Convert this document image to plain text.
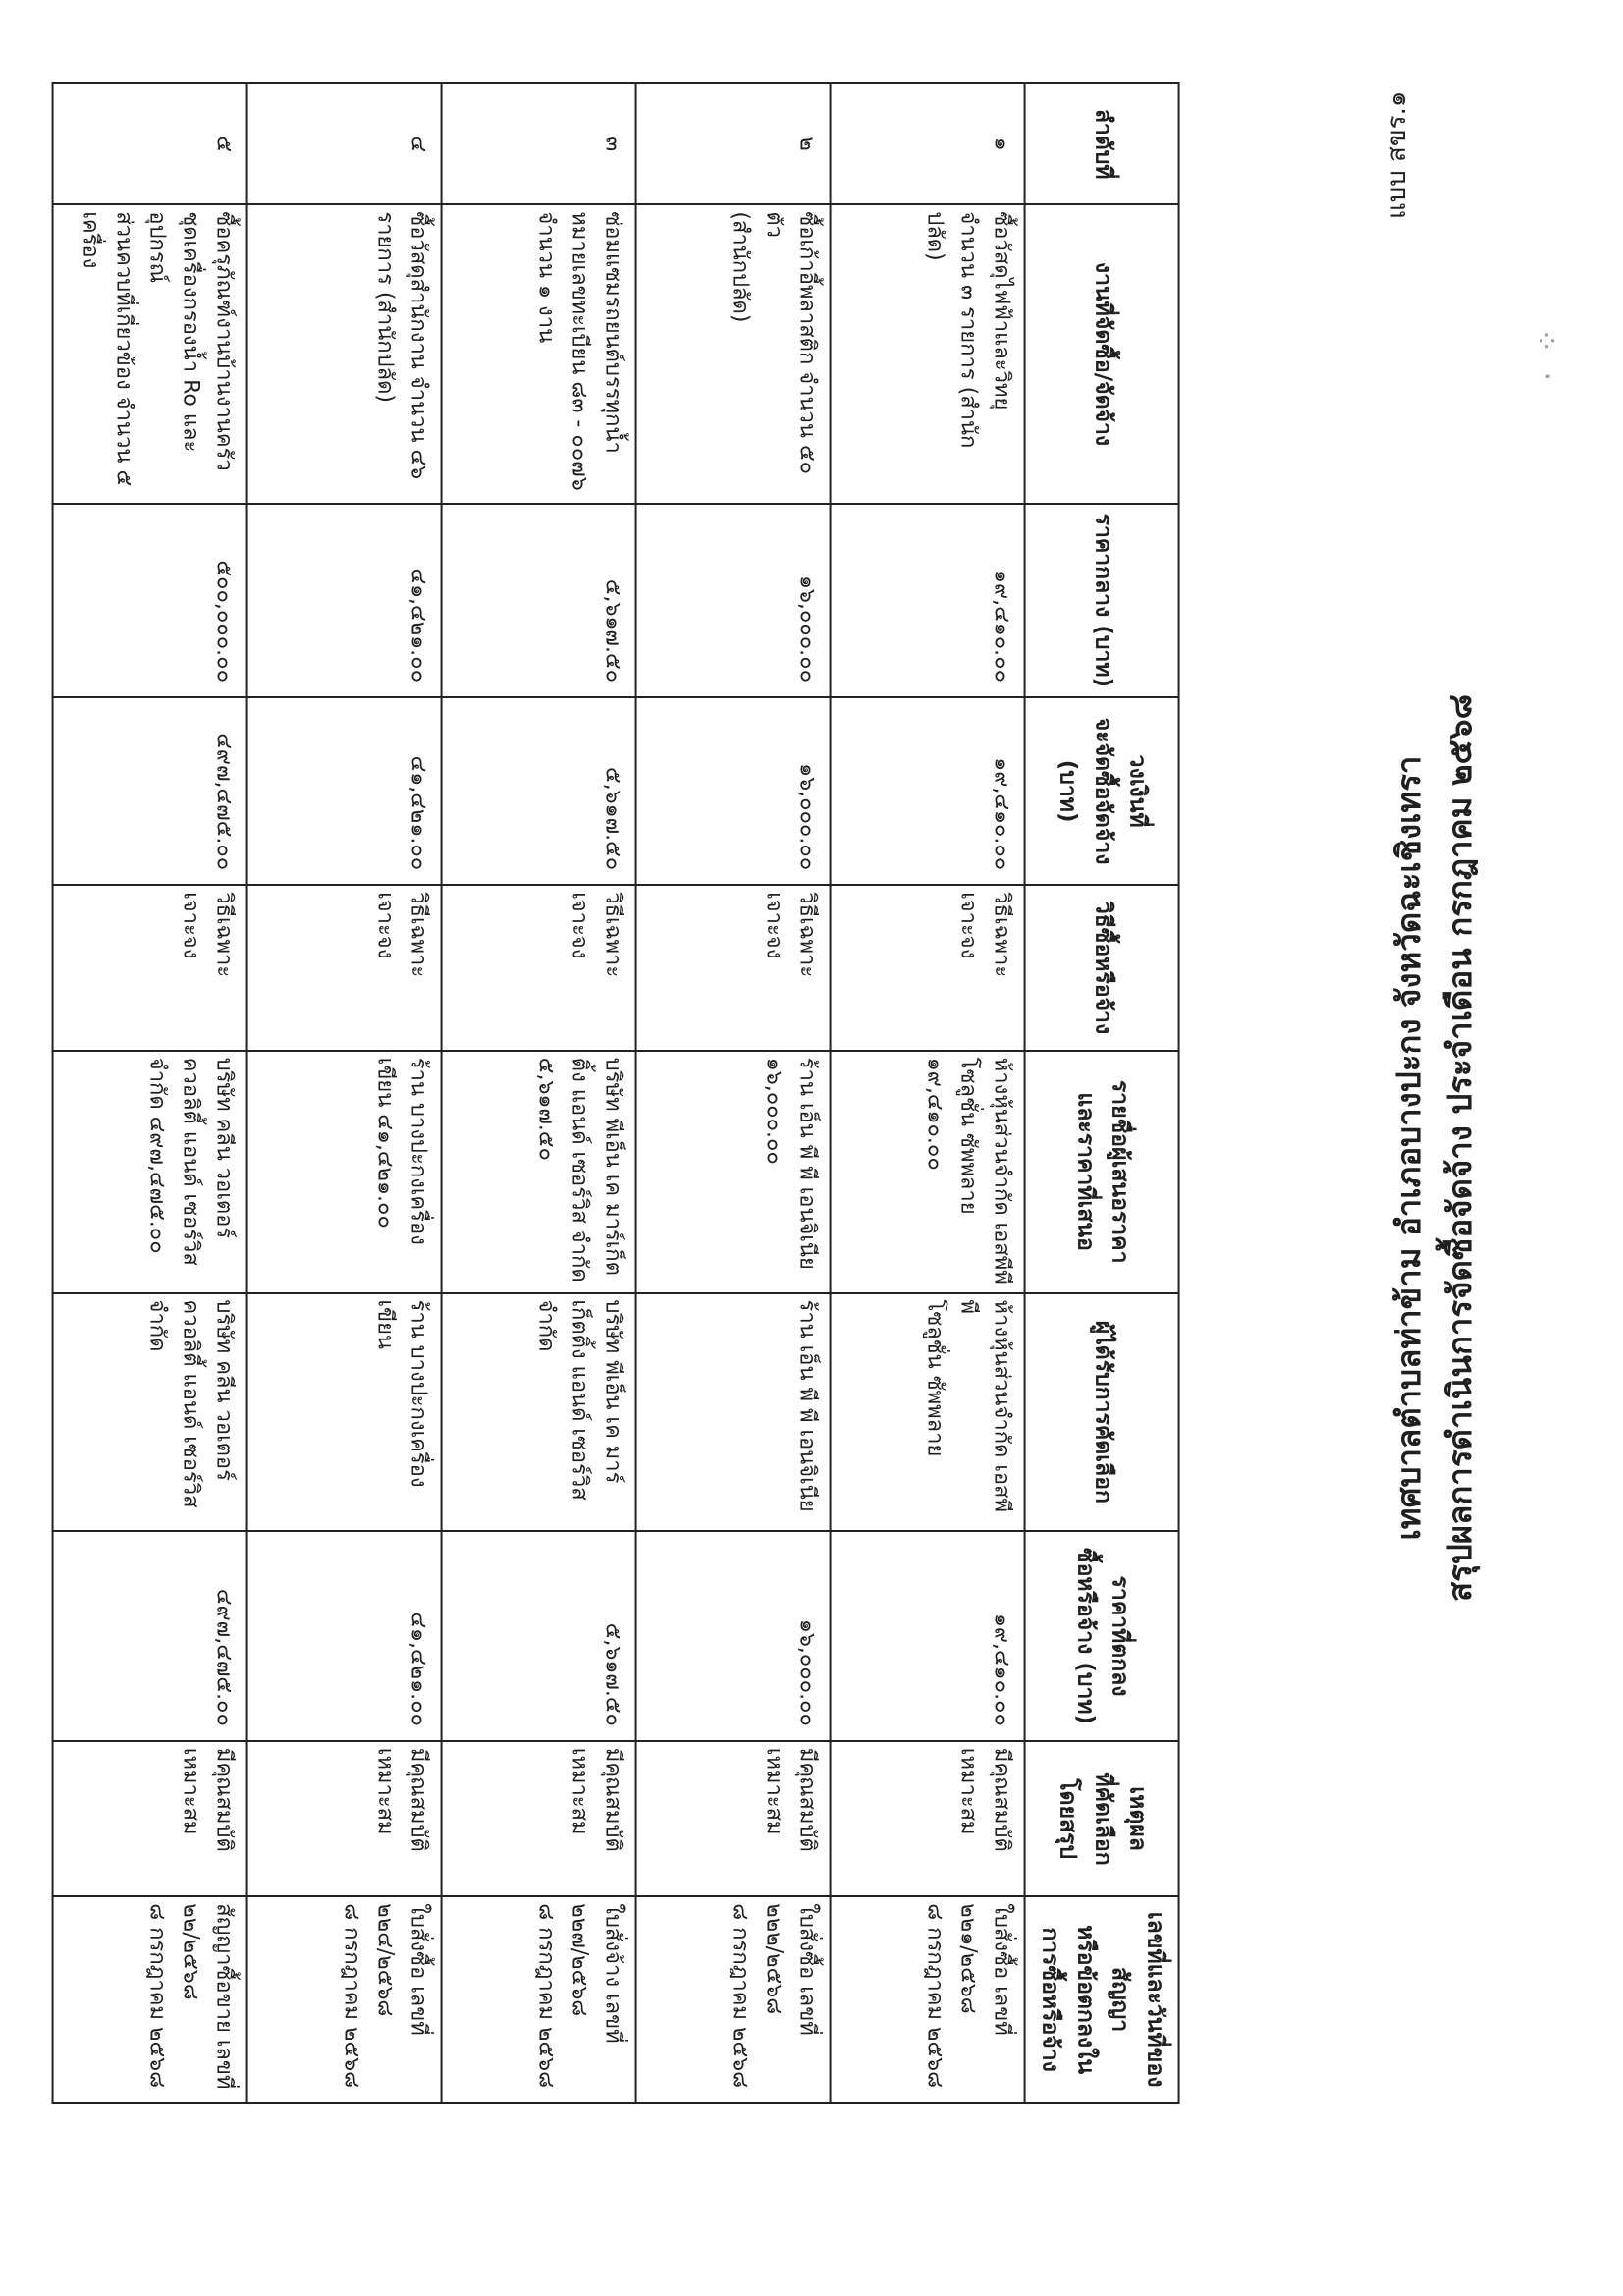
แบบ สขร.๑
สรุปผลการดำเนินการจัดซื้อจัดจ้าง ประจำเดือน กรกฎาคม ๒๕๖๘
เทศบาลตำบลท่าข้าม อำเภอบางปะกง จังหวัดฉะเชิงเทรา
ลำดับที่	งานที่จัดซื้อ/จัดจ้าง	ราคากลาง (บาท)	วงเงินที่
จะจัดซื้อจัดจ้าง
(บาท)	วิธีซื้อหรือจ้าง	รายชื่อผู้เสนอราคา
และราคาที่เสนอ	ผู้ได้รับการคัดเลือก	ราคาที่ตกลง
ซื้อหรือจ้าง (บาท)	เหตุผล
ที่คัดเลือก
โดยสรุป	เลขที่และวันที่ของ
สัญญา
หรือข้อตกลงใน
การซื้อหรือจ้าง

๑	ซื้อวัสดุไฟฟ้าและวิทยุ
จำนวน ๓ รายการ (สำนักปลัด)	๑๙,๔๑๐.๐๐	๑๙,๔๑๐.๐๐	วิธีเฉพาะเจาะจง	ห้างหุ้นส่วนจำกัด เอสพีพี
โซลูชั่น ซัพพลาย
๑๙,๔๑๐.๐๐	ห้างหุ้นส่วนจำกัด เอสพีพี
โซลูชั่น ซัพพลาย	๑๙,๔๑๐.๐๐	มีคุณสมบัติ
เหมาะสม	ใบสั่งซื้อ เลขที่
๒๒๑/๒๕๖๘
๘ กรกฎาคม ๒๕๖๘

๒	ซื้อเก้าอี้พลาสติก จำนวน ๕๐ ตัว
(สำนักปลัด)	๑๖,๐๐๐.๐๐	๑๖,๐๐๐.๐๐	วิธีเฉพาะเจาะจง	ร้าน เอ็น พี พี เอนจิเนีย
๑๖,๐๐๐.๐๐	ร้าน เอ็น พี พี เอนจิเนีย	๑๖,๐๐๐.๐๐	มีคุณสมบัติ
เหมาะสม	ใบสั่งซื้อ เลขที่
๒๒๒/๒๕๖๘
๘ กรกฎาคม ๒๕๖๘

๓	ซ่อมแซมรถยนต์บรรทุกน้ำ
หมายเลขทะเบียน ๘๓ - ๐๐๗๖
จำนวน ๑ งาน	๕,๖๑๗.๕๐	๕,๖๑๗.๕๐	วิธีเฉพาะเจาะจง	บริษัท พีเอ็น เค มาร์เก็ต
ติ้ง แอนด์ เซอร์วิส จำกัด
๕,๖๑๗.๕๐	บริษัท พีเอ็น เค มาร์
เก็ตติ้ง แอนด์ เซอร์วิส
จำกัด	๕,๖๑๗.๕๐	มีคุณสมบัติ
เหมาะสม	ใบสั่งจ้าง เลขที่
๒๒๗/๒๕๖๘
๘ กรกฎาคม ๒๕๖๘

๔	ซื้อวัสดุสำนักงาน จำนวน ๔๖
รายการ (สำนักปลัด)	๔๑,๔๒๑.๐๐	๔๑,๔๒๑.๐๐	วิธีเฉพาะเจาะจง	ร้าน บางปะกงเครื่อง
เขียน ๔๑,๔๒๑.๐๐	ร้าน บางปะกงเครื่อง
เขียน	๔๑,๔๒๑.๐๐	มีคุณสมบัติ
เหมาะสม	ใบสั่งซื้อ เลขที่
๒๒๔/๒๕๖๘
๘ กรกฎาคม ๒๕๖๘

๕	ซื้อครุภัณฑ์งานบ้านงานครัว
ชุดเครื่องกรองน้ำ Ro และ อุปกรณ์
ส่วนควบที่เกี่ยวข้อง จำนวน ๕ เครื่อง	๕๐๐,๐๐๐.๐๐	๔๙๗,๔๗๕.๐๐	วิธีเฉพาะเจาะจง	บริษัท คลีน วอเตอร์
ควอลิตี้ แอนด์ เซอร์วิส
จำกัด ๔๙๗,๔๗๕.๐๐	บริษัท คลีน วอเตอร์
ควอลิตี้ แอนด์ เซอร์วิส
จำกัด	๔๙๗,๔๗๕.๐๐	มีคุณสมบัติ
เหมาะสม	สัญญาซื้อขาย เลขที่
๒๒/๒๕๖๘
๘ กรกฎาคม ๒๕๖๘
·  ⁘
